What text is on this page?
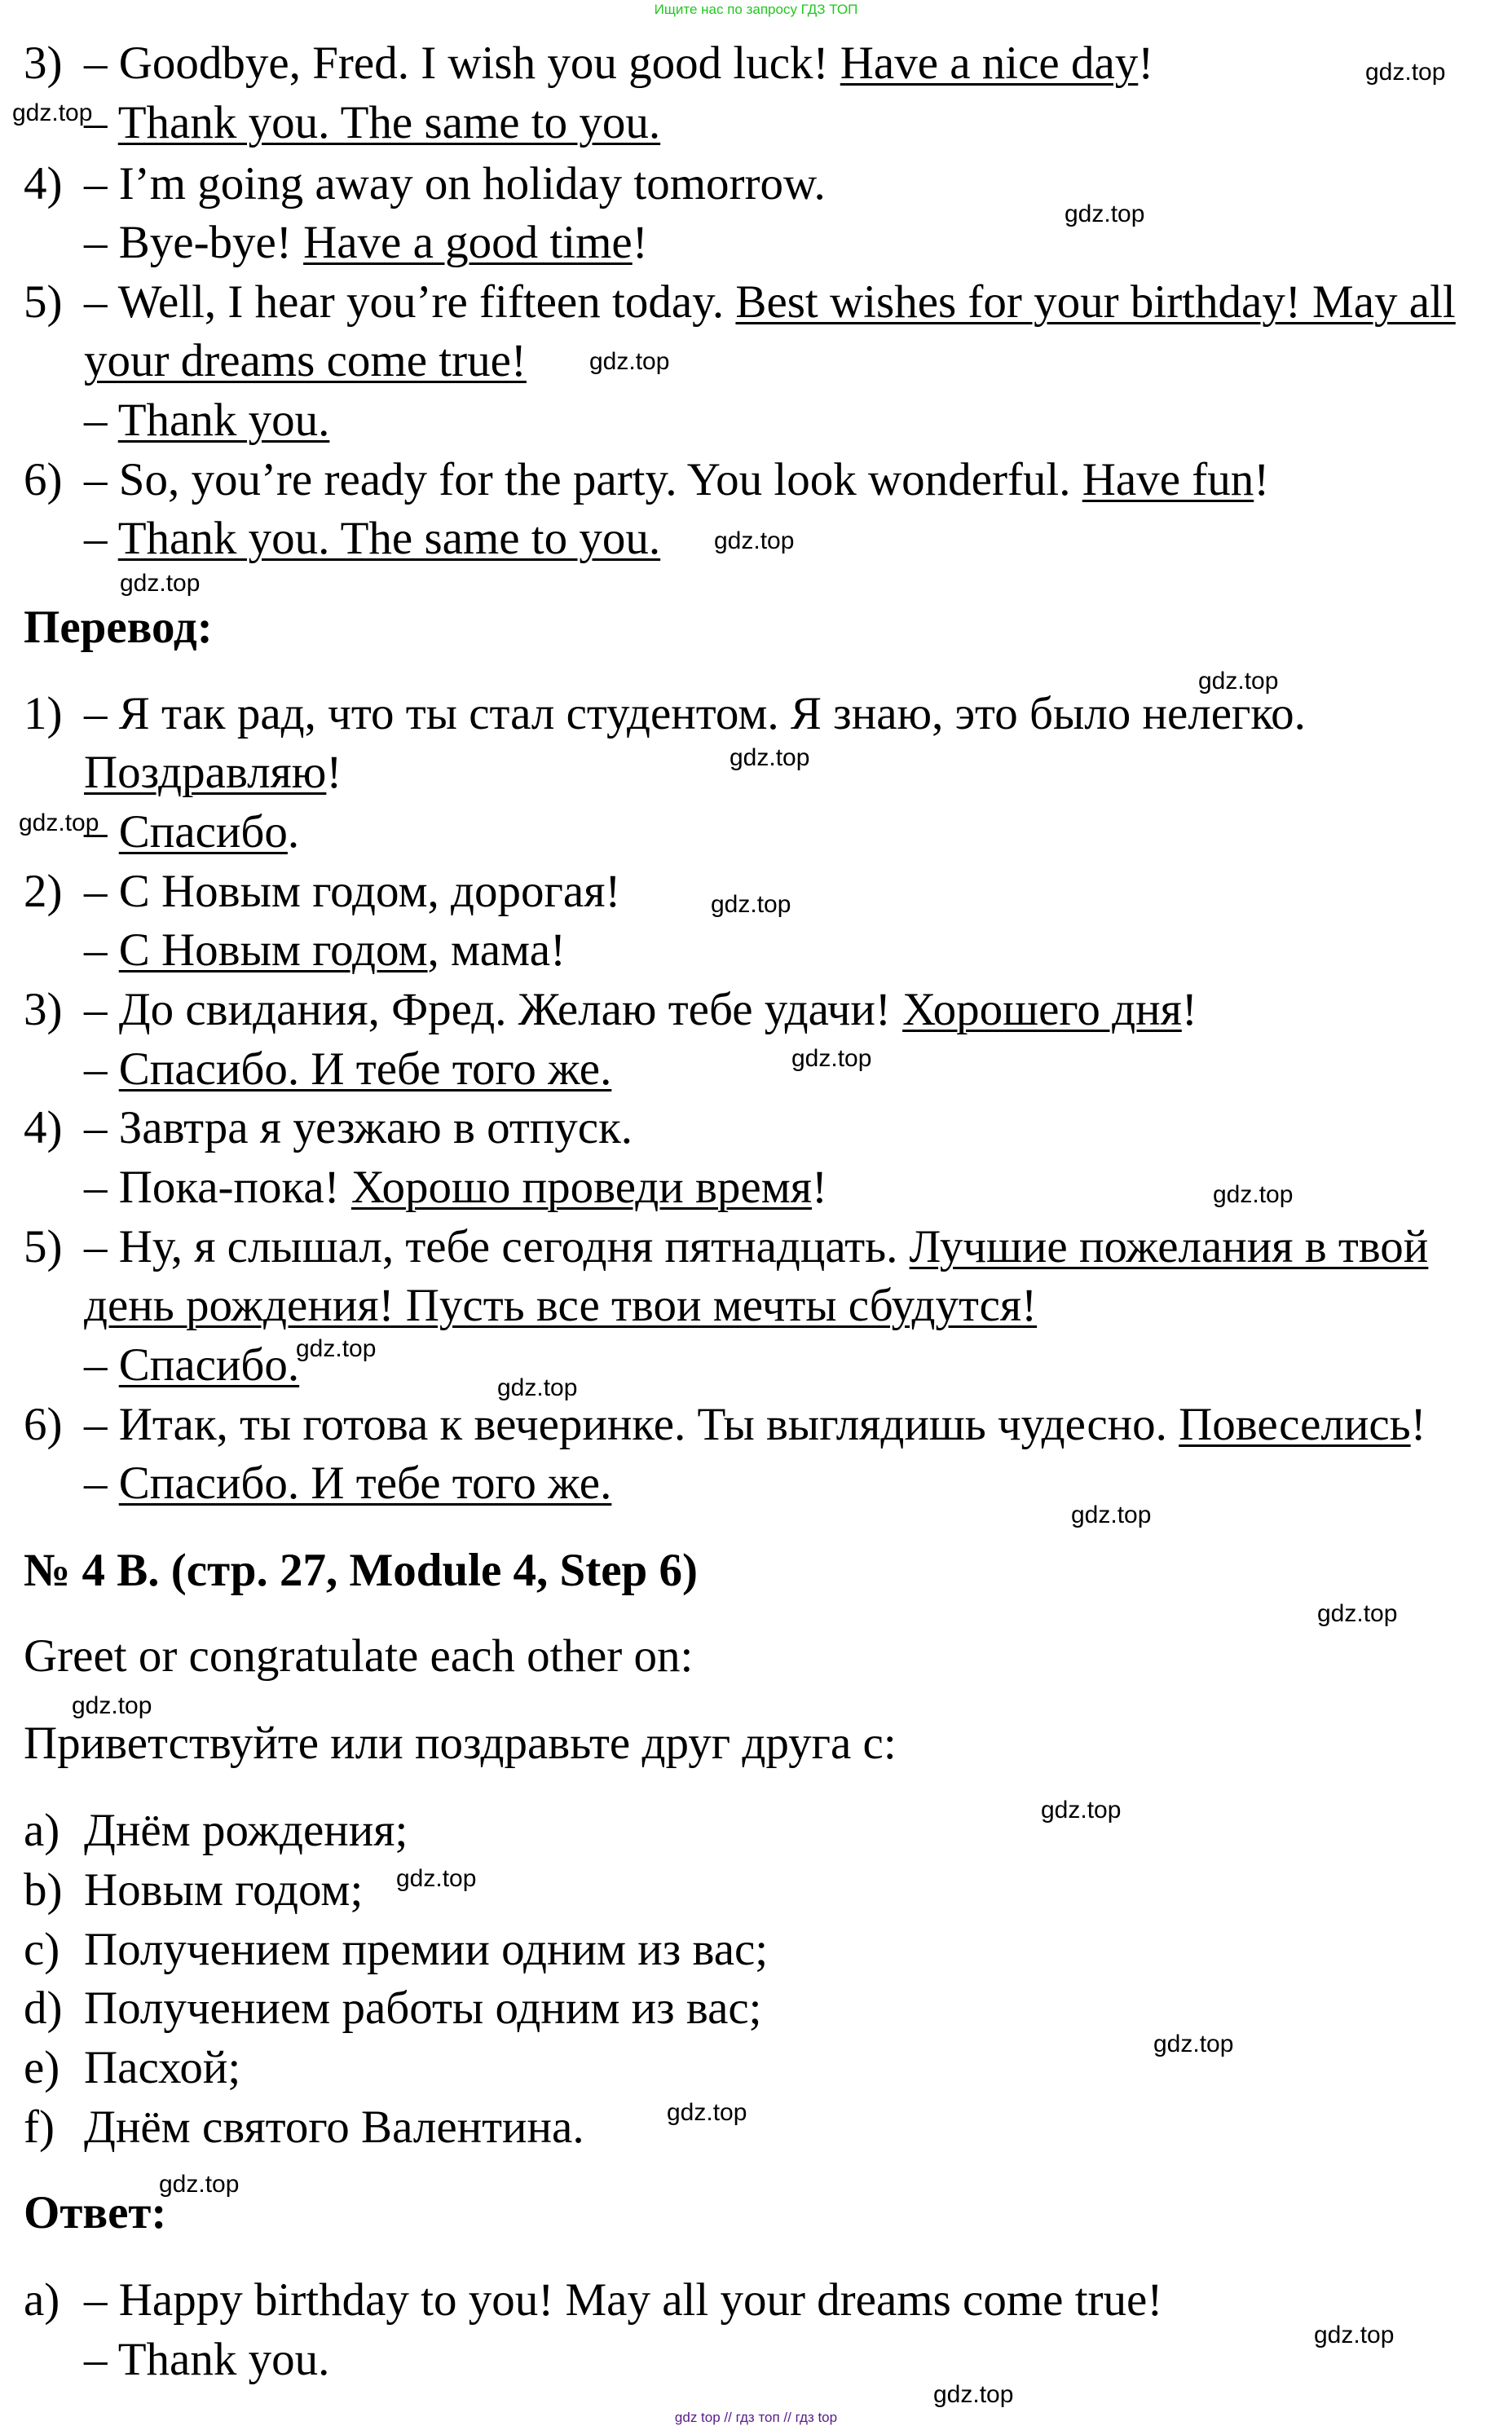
Ищите нас по запросу ГДЗ ТОП
3) – Goodbye, Fred. I wish you good luck! Have a nice day!
– Thank you. The same to you.
4) – I’m going away on holiday tomorrow.
– Bye-bye! Have a good time!
5) – Well, I hear you’re fifteen today. Best wishes for your birthday! May all
your dreams come true!
– Thank you.
6) – So, you’re ready for the party. You look wonderful. Have fun!
– Thank you. The same to you.
Перевод:
1) – Я так рад, что ты стал студентом. Я знаю, это было нелегко.
Поздравляю!
– Спасибо.
2) – С Новым годом, дорогая!
– С Новым годом, мама!
3) – До свидания, Фред. Желаю тебе удачи! Хорошего дня!
– Спасибо. И тебе того же.
4) – Завтра я уезжаю в отпуск.
– Пока-пока! Хорошо проведи время!
5) – Ну, я слышал, тебе сегодня пятнадцать. Лучшие пожелания в твой
день рождения! Пусть все твои мечты сбудутся!
– Спасибо.
6) – Итак, ты готова к вечеринке. Ты выглядишь чудесно. Повеселись!
– Спасибо. И тебе того же.
№ 4 B. (стр. 27, Module 4, Step 6)
Greet or congratulate each other on:
Приветствуйте или поздравьте друг друга с:
a) Днём рождения;
b) Новым годом;
c) Получением премии одним из вас;
d) Получением работы одним из вас;
e) Пасхой;
f) Днём святого Валентина.
Ответ:
a) – Happy birthday to you! May all your dreams come true!
– Thank you.
gdz.top
gdz.top
gdz.top
gdz.top
gdz.top
gdz.top
gdz.top
gdz.top
gdz.top
gdz.top
gdz.top
gdz.top
gdz.top
gdz.top
gdz.top
gdz.top
gdz.top
gdz.top
gdz.top
gdz.top
gdz.top
gdz.top
gdz.top
gdz.top
gdz top // гдз топ // гдз top
